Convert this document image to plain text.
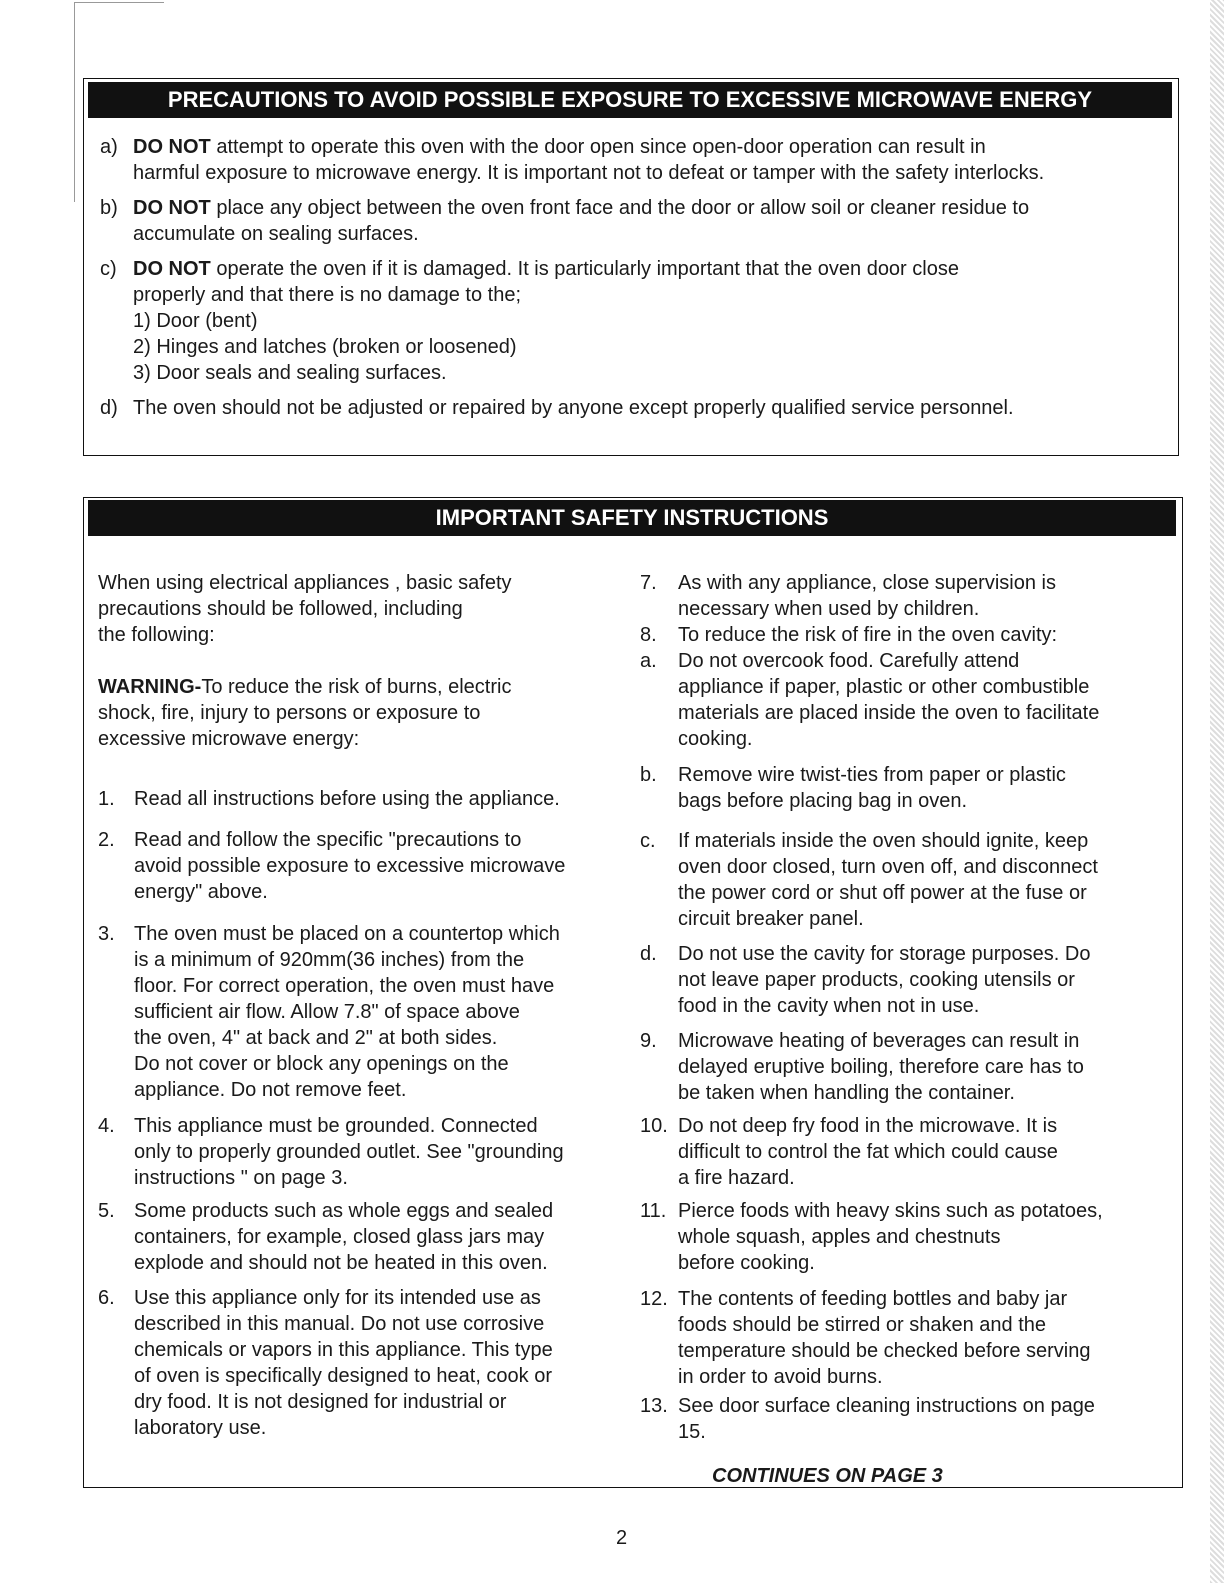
PRECAUTIONS TO AVOID POSSIBLE EXPOSURE TO EXCESSIVE MICROWAVE ENERGY
a) DO NOT attempt to operate this oven with the door open since open-door operation can result in
harmful exposure to microwave energy. It is important not to defeat or tamper with the safety interlocks.
b) DO NOT place any object between the oven front face and the door or allow soil or cleaner residue to
accumulate on sealing surfaces.
c) DO NOT operate the oven if it is damaged. It is particularly important that the oven door close
properly and that there is no damage to the;
1) Door (bent)
2) Hinges and latches (broken or loosened)
3) Door seals and sealing surfaces.
d) The oven should not be adjusted or repaired by anyone except properly qualified service personnel.
IMPORTANT SAFETY INSTRUCTIONS
When using electrical appliances , basic safety
precautions should be followed, including
the following:
WARNING-To reduce the risk of burns, electric
shock, fire, injury to persons or exposure to
excessive microwave energy:
CONTINUES ON PAGE 3
2
1. Read all instructions before using the appliance.
2. Read and follow the specific "precautions to
avoid possible exposure to excessive microwave
energy" above.
3. The oven must be placed on a countertop which
is a minimum of 920mm(36 inches) from the
floor. For correct operation, the oven must have
sufficient air flow. Allow 7.8" of space above
the oven, 4" at back and 2" at both sides.
Do not cover or block any openings on the
appliance. Do not remove feet.
4. This appliance must be grounded. Connected
only to properly grounded outlet. See "grounding
instructions " on page 3.
5. Some products such as whole eggs and sealed
containers, for example, closed glass jars may
explode and should not be heated in this oven.
6. Use this appliance only for its intended use as
described in this manual. Do not use corrosive
chemicals or vapors in this appliance. This type
of oven is specifically designed to heat, cook or
dry food. It is not designed for industrial or
laboratory use.
7. As with any appliance, close supervision is
necessary when used by children.
8. To reduce the risk of fire in the oven cavity:
a. Do not overcook food. Carefully attend
appliance if paper, plastic or other combustible
materials are placed inside the oven to facilitate
cooking.
b. Remove wire twist-ties from paper or plastic
bags before placing bag in oven.
c. If materials inside the oven should ignite, keep
oven door closed, turn oven off, and disconnect
the power cord or shut off power at the fuse or
circuit breaker panel.
d. Do not use the cavity for storage purposes. Do
not leave paper products, cooking utensils or
food in the cavity when not in use.
9. Microwave heating of beverages can result in
delayed eruptive boiling, therefore care has to
be taken when handling the container.
10. Do not deep fry food in the microwave. It is
difficult to control the fat which could cause
a fire hazard.
11. Pierce foods with heavy skins such as potatoes,
whole squash, apples and chestnuts
before cooking.
12. The contents of feeding bottles and baby jar
foods should be stirred or shaken and the
temperature should be checked before serving
in order to avoid burns.
13. See door surface cleaning instructions on page
15.
